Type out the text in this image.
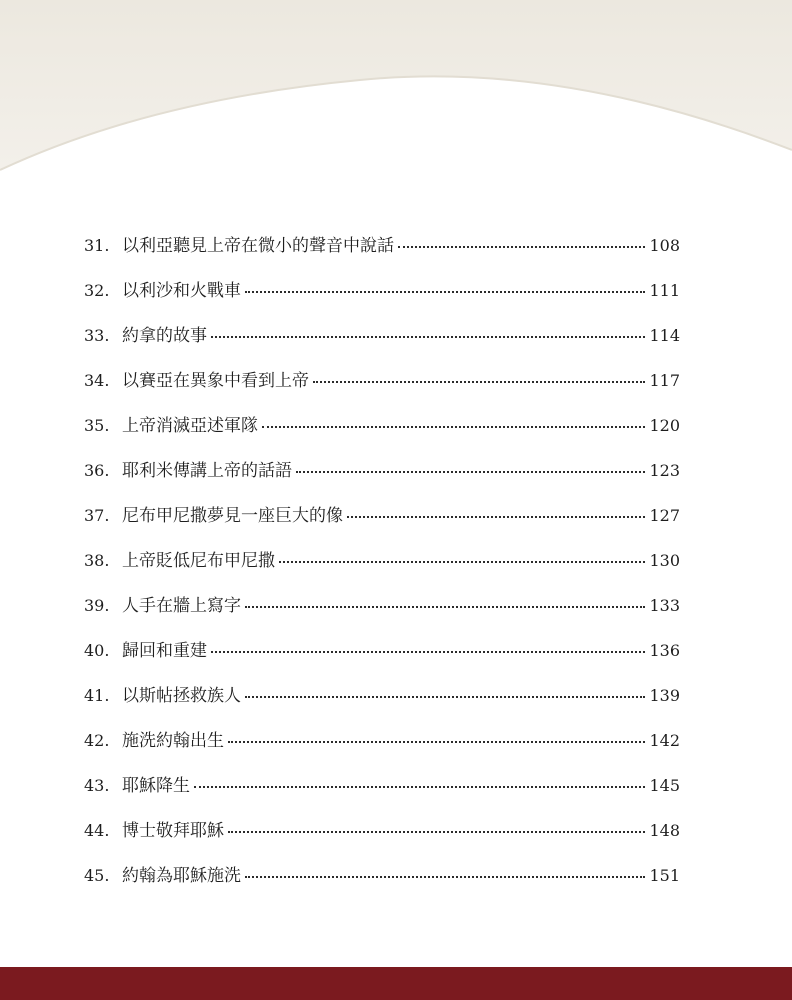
31. 以利亞聽見上帝在微小的聲音中說話	108
32. 以利沙和火戰車	111
33. 約拿的故事	114
34. 以賽亞在異象中看到上帝	117
35. 上帝消滅亞述軍隊	120
36. 耶利米傳講上帝的話語	123
37. 尼布甲尼撒夢見一座巨大的像	127
38. 上帝貶低尼布甲尼撒	130
39. 人手在牆上寫字	133
40. 歸回和重建	136
41. 以斯帖拯救族人	139
42. 施洗約翰出生	142
43. 耶穌降生	145
44. 博士敬拜耶穌	148
45. 約翰為耶穌施洗	151
